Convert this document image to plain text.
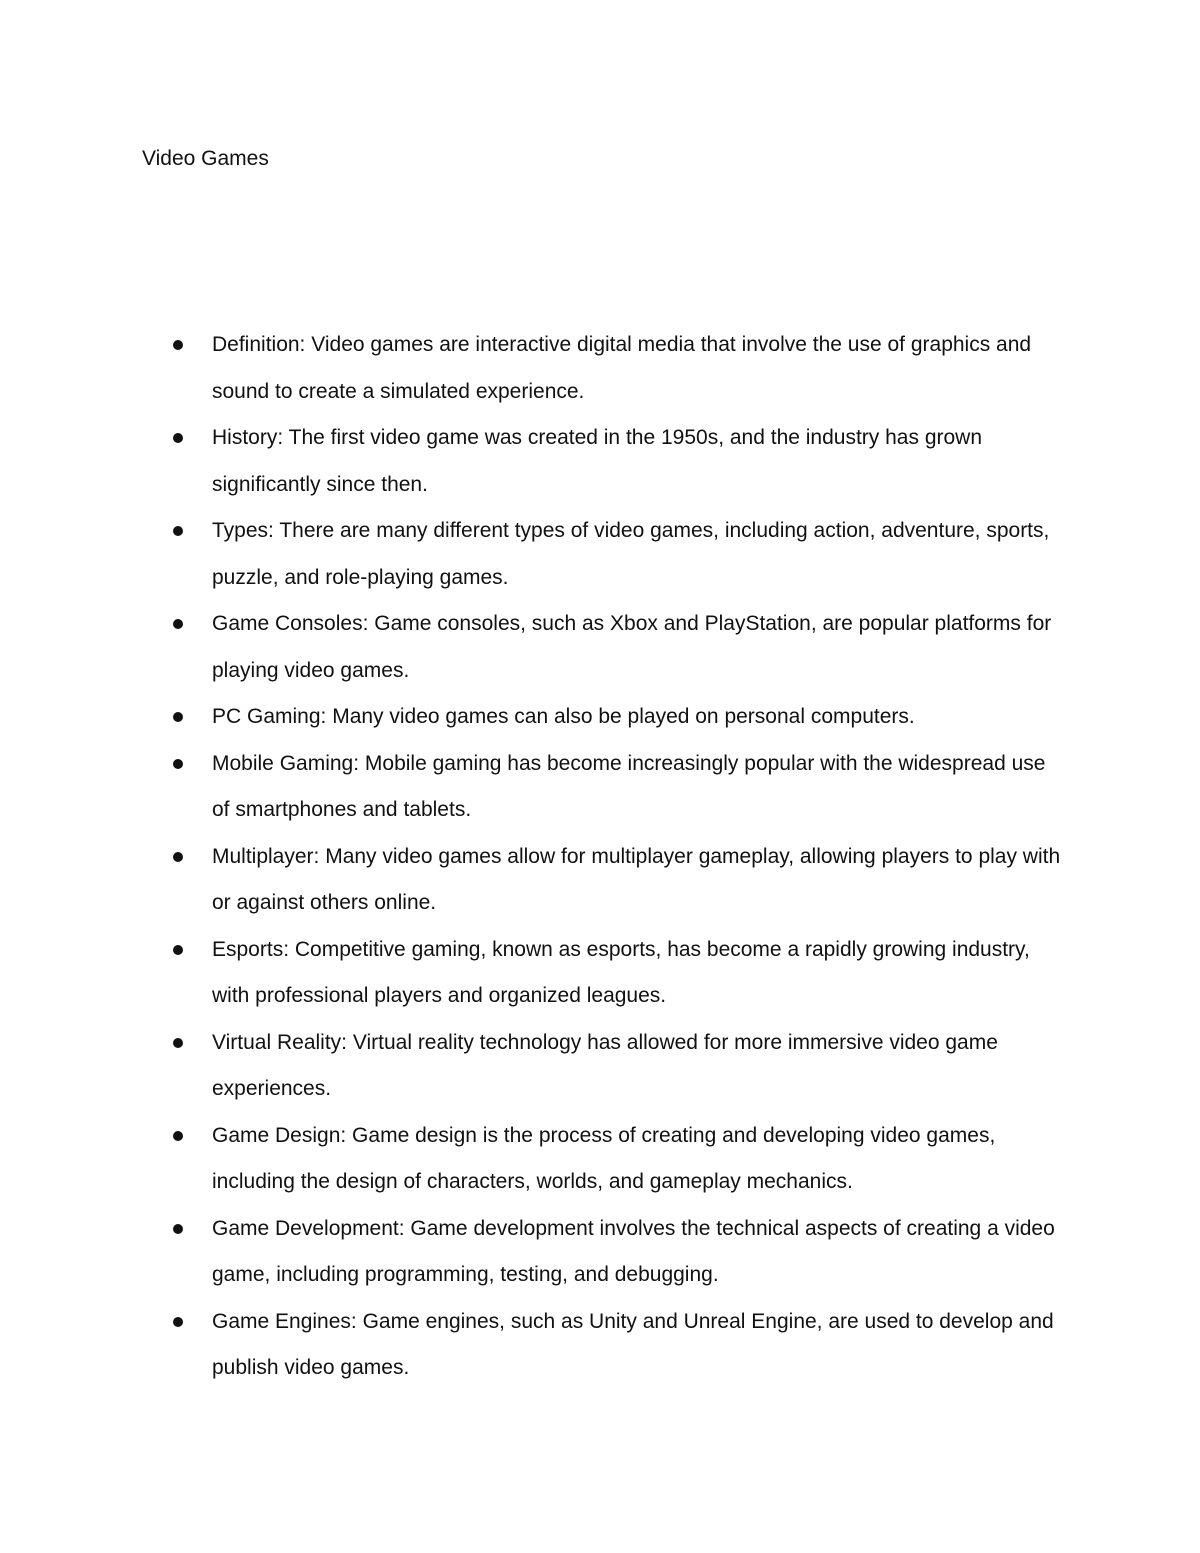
Video Games
Definition: Video games are interactive digital media that involve the use of graphics and sound to create a simulated experience.
History: The first video game was created in the 1950s, and the industry has grown significantly since then.
Types: There are many different types of video games, including action, adventure, sports, puzzle, and role-playing games.
Game Consoles: Game consoles, such as Xbox and PlayStation, are popular platforms for playing video games.
PC Gaming: Many video games can also be played on personal computers.
Mobile Gaming: Mobile gaming has become increasingly popular with the widespread use of smartphones and tablets.
Multiplayer: Many video games allow for multiplayer gameplay, allowing players to play with or against others online.
Esports: Competitive gaming, known as esports, has become a rapidly growing industry, with professional players and organized leagues.
Virtual Reality: Virtual reality technology has allowed for more immersive video game experiences.
Game Design: Game design is the process of creating and developing video games, including the design of characters, worlds, and gameplay mechanics.
Game Development: Game development involves the technical aspects of creating a video game, including programming, testing, and debugging.
Game Engines: Game engines, such as Unity and Unreal Engine, are used to develop and publish video games.
